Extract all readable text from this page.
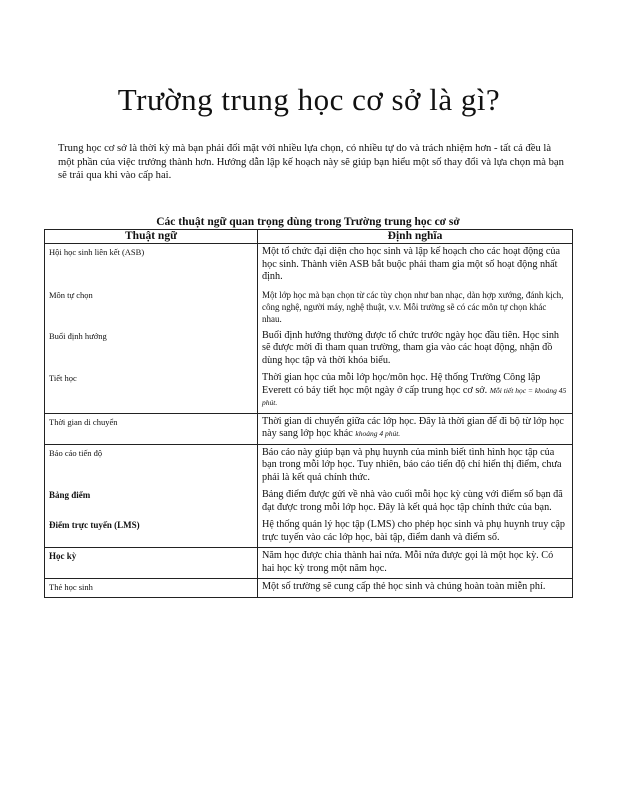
Trường trung học cơ sở là gì?

Trung học cơ sở là thời kỳ mà bạn phải đối mặt với nhiều lựa chọn, có nhiều tự do và trách nhiệm hơn - tất cả đều là một phần của việc trưởng thành hơn. Hướng dẫn lập kế hoạch này sẽ giúp bạn hiểu một số thay đổi và lựa chọn mà bạn sẽ trải qua khi vào cấp hai.

Các thuật ngữ quan trọng dùng trong Trường trung học cơ sở
Thuật ngữ	Định nghĩa
Hội học sinh liên kết (ASB)	Một tổ chức đại diện cho học sinh và lập kế hoạch cho các hoạt động của học sinh. Thành viên ASB bắt buộc phải tham gia một số hoạt động nhất định.
Môn tự chọn	Một lớp học mà bạn chọn từ các tùy chọn như ban nhạc, dàn hợp xướng, đánh kịch, công nghệ, người máy, nghệ thuật, v.v. Mỗi trường sẽ có các môn tự chọn khác nhau.
Buổi định hướng	Buổi định hướng thường được tổ chức trước ngày học đầu tiên. Học sinh sẽ được mời đi tham quan trường, tham gia vào các hoạt động, nhận đồ dùng học tập và thời khóa biểu.
Tiết học	Thời gian học của mỗi lớp học/môn học. Hệ thống Trường Công lập Everett có bảy tiết học một ngày ở cấp trung học cơ sở. Mỗi tiết học = khoảng 45 phút.
Thời gian di chuyển	Thời gian di chuyển giữa các lớp học. Đây là thời gian để đi bộ từ lớp học này sang lớp học khác khoảng 4 phút.
Báo cáo tiến độ	Báo cáo này giúp bạn và phụ huynh của mình biết tình hình học tập của bạn trong mỗi lớp học. Tuy nhiên, báo cáo tiến độ chỉ hiển thị điểm, chưa phải là kết quả chính thức.
Bảng điểm	Bảng điểm được gửi về nhà vào cuối mỗi học kỳ cùng với điểm số bạn đã đạt được trong mỗi lớp học. Đây là kết quả học tập chính thức của bạn.
Điểm trực tuyến (LMS)	Hệ thống quản lý học tập (LMS) cho phép học sinh và phụ huynh truy cập trực tuyến vào các lớp học, bài tập, điểm danh và điểm số.
Học kỳ	Năm học được chia thành hai nửa. Mỗi nửa được gọi là một học kỳ. Có hai học kỳ trong một năm học.
Thẻ học sinh	Một số trường sẽ cung cấp thẻ học sinh và chúng hoàn toàn miễn phí.
